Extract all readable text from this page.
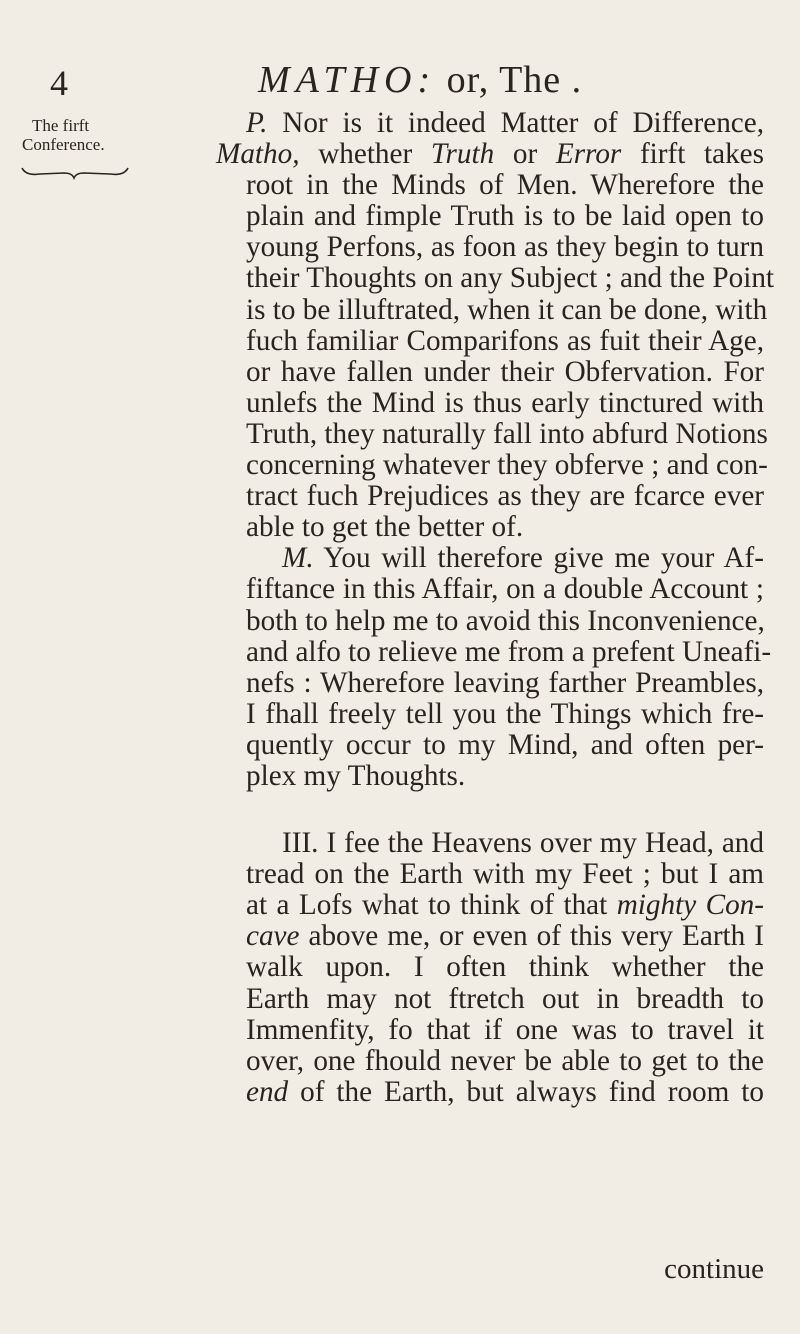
4	MATHO: or, The .
The firft
Conference.
P. Nor is it indeed Matter of Difference,
Matho, whether Truth or Error firft takes
root in the Minds of Men. Wherefore the
plain and fimple Truth is to be laid open to
young Perfons, as foon as they begin to turn
their Thoughts on any Subject ; and the Point
is to be illuftrated, when it can be done, with
fuch familiar Comparifons as fuit their Age,
or have fallen under their Obfervation. For
unlefs the Mind is thus early tinctured with
Truth, they naturally fall into abfurd Notions
concerning whatever they obferve ; and con-
tract fuch Prejudices as they are fcarce ever
able to get the better of.
M. You will therefore give me your Af-
fiftance in this Affair, on a double Account ;
both to help me to avoid this Inconvenience,
and alfo to relieve me from a prefent Uneafi-
nefs : Wherefore leaving farther Preambles,
I fhall freely tell you the Things which fre-
quently occur to my Mind, and often per-
plex my Thoughts.
III. I fee the Heavens over my Head, and
tread on the Earth with my Feet ; but I am
at a Lofs what to think of that mighty Con-
cave above me, or even of this very Earth I
walk upon. I often think whether the
Earth may not ftretch out in breadth to
Immenfity, fo that if one was to travel it
over, one fhould never be able to get to the
end of the Earth, but always find room to
continue
